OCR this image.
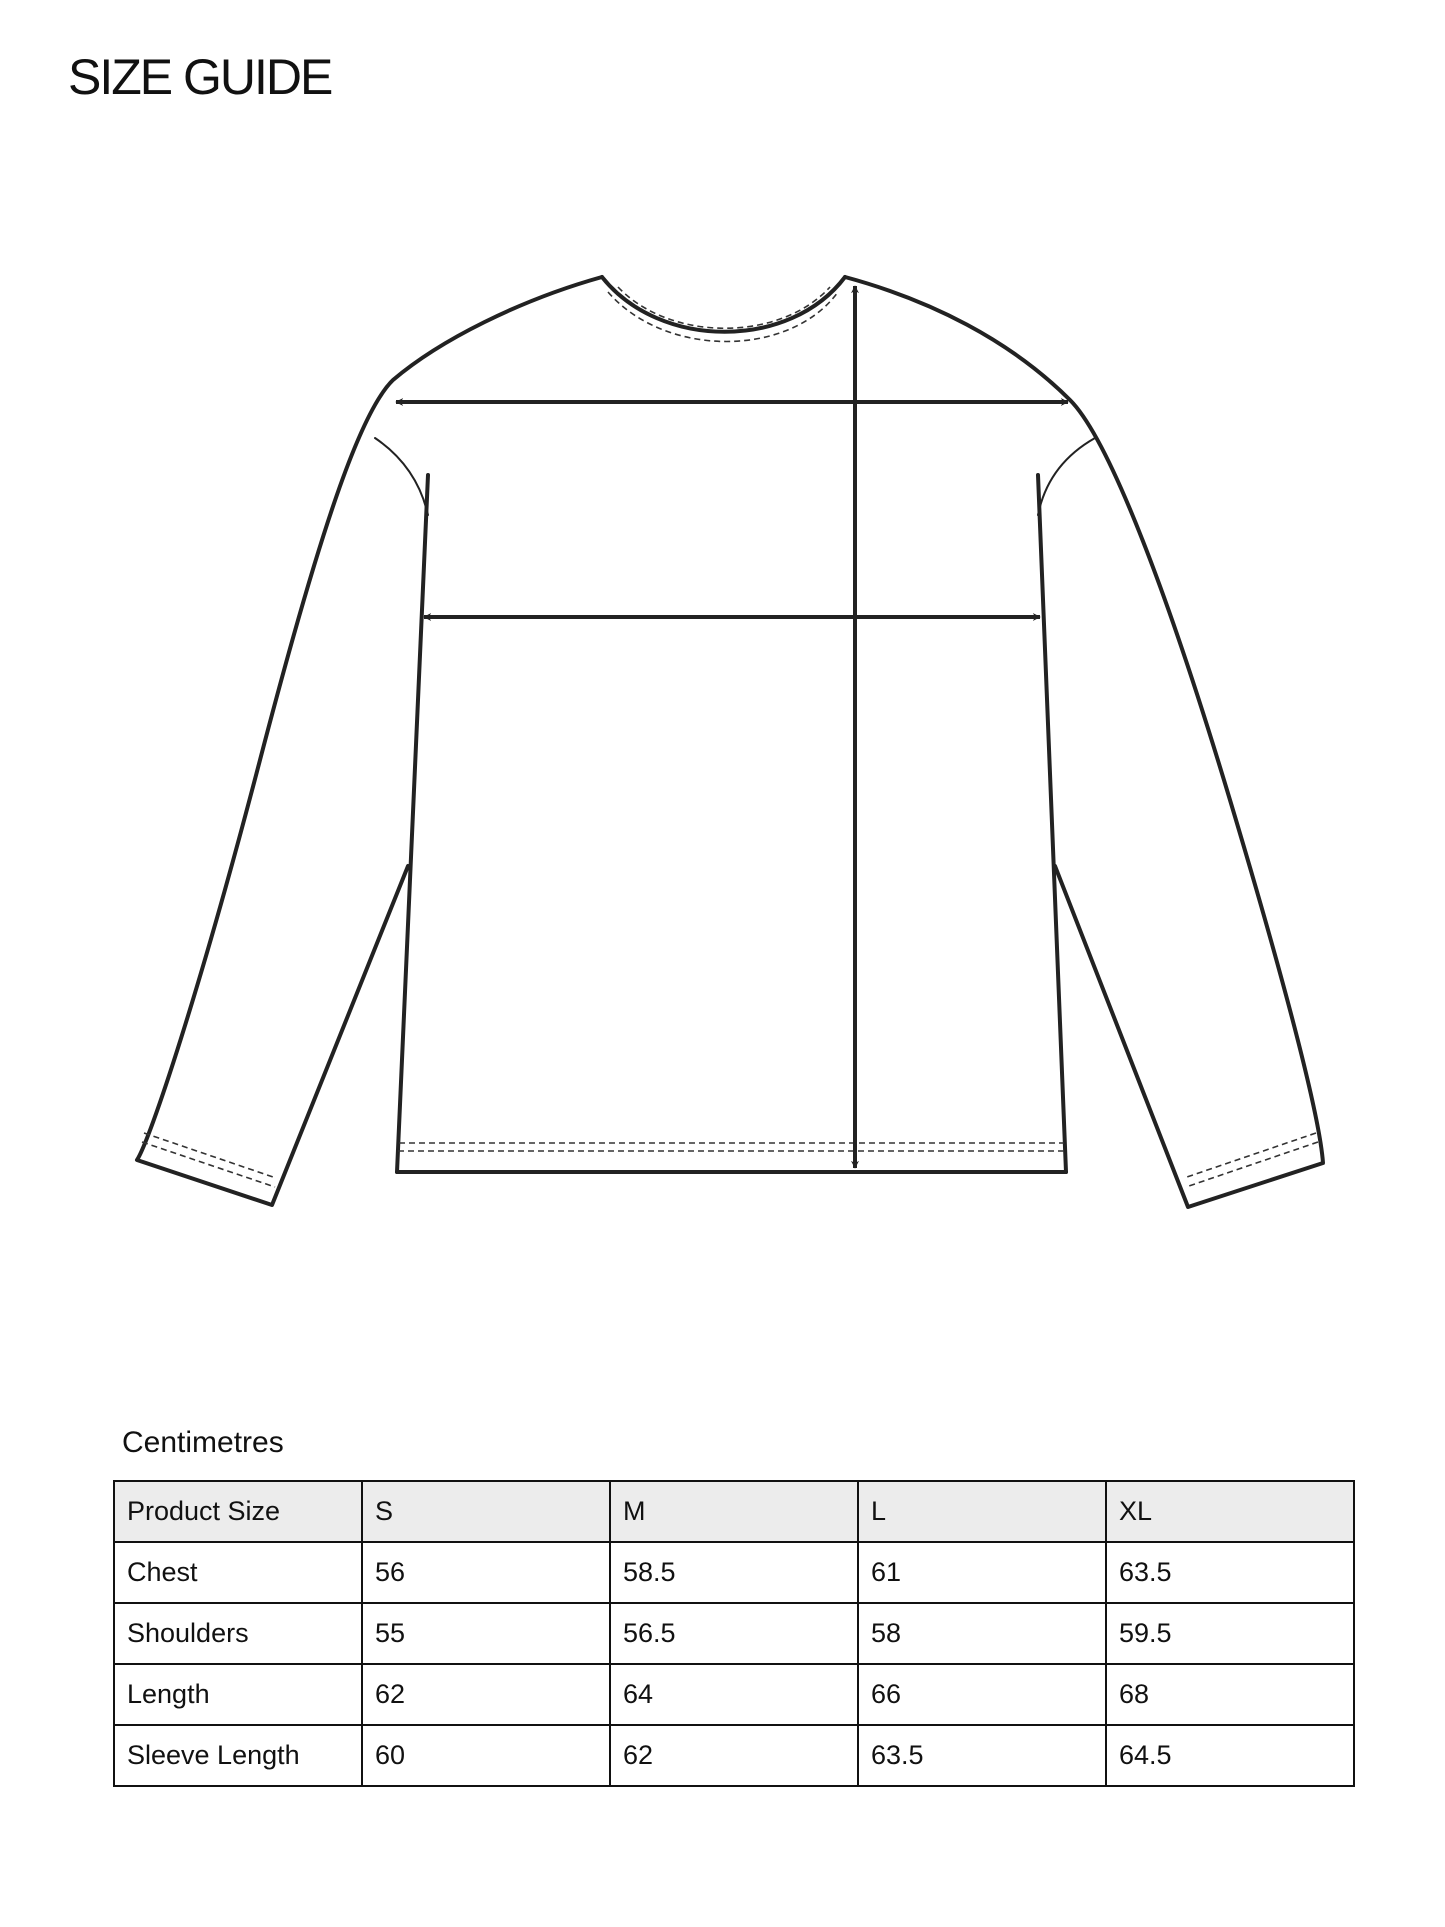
SIZE GUIDE
Centimetres
Product Size	S	M	L	XL
Chest	56	58.5	61	63.5
Shoulders	55	56.5	58	59.5
Length	62	64	66	68
Sleeve Length	60	62	63.5	64.5
